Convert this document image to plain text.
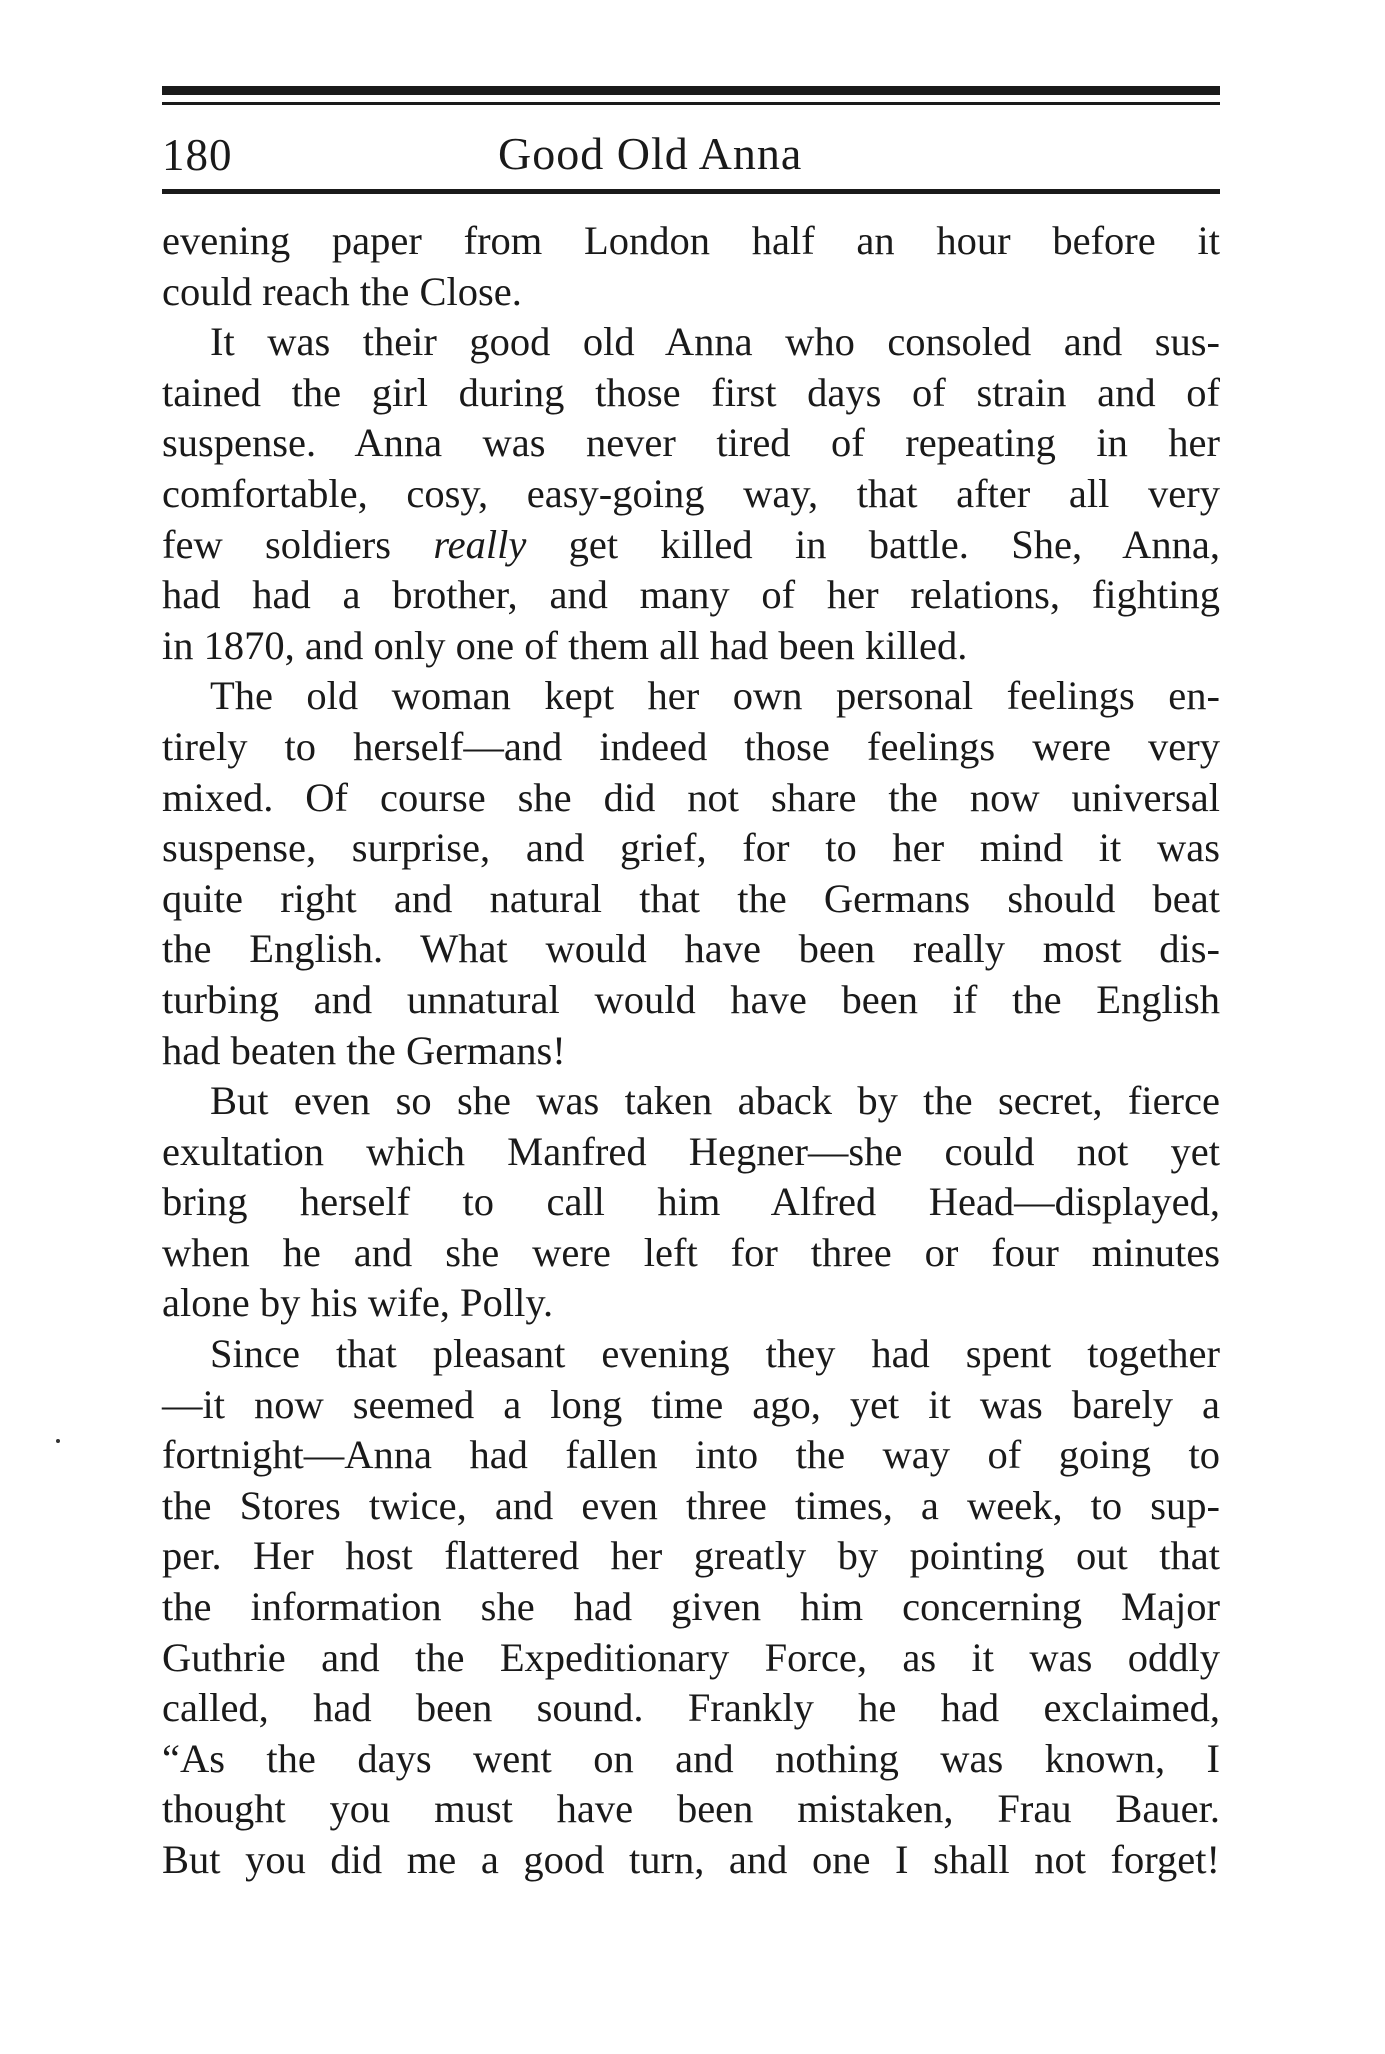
180	Good Old Anna
evening paper from London half an hour before it
could reach the Close.
It was their good old Anna who consoled and sus-
tained the girl during those first days of strain and of
suspense. Anna was never tired of repeating in her
comfortable, cosy, easy-going way, that after all very
few soldiers really get killed in battle. She, Anna,
had had a brother, and many of her relations, fighting
in 1870, and only one of them all had been killed.
The old woman kept her own personal feelings en-
tirely to herself—and indeed those feelings were very
mixed. Of course she did not share the now universal
suspense, surprise, and grief, for to her mind it was
quite right and natural that the Germans should beat
the English. What would have been really most dis-
turbing and unnatural would have been if the English
had beaten the Germans!
But even so she was taken aback by the secret, fierce
exultation which Manfred Hegner—she could not yet
bring herself to call him Alfred Head—displayed,
when he and she were left for three or four minutes
alone by his wife, Polly.
Since that pleasant evening they had spent together
—it now seemed a long time ago, yet it was barely a
fortnight—Anna had fallen into the way of going to
the Stores twice, and even three times, a week, to sup-
per. Her host flattered her greatly by pointing out that
the information she had given him concerning Major
Guthrie and the Expeditionary Force, as it was oddly
called, had been sound. Frankly he had exclaimed,
“As the days went on and nothing was known, I
thought you must have been mistaken, Frau Bauer.
But you did me a good turn, and one I shall not forget!
